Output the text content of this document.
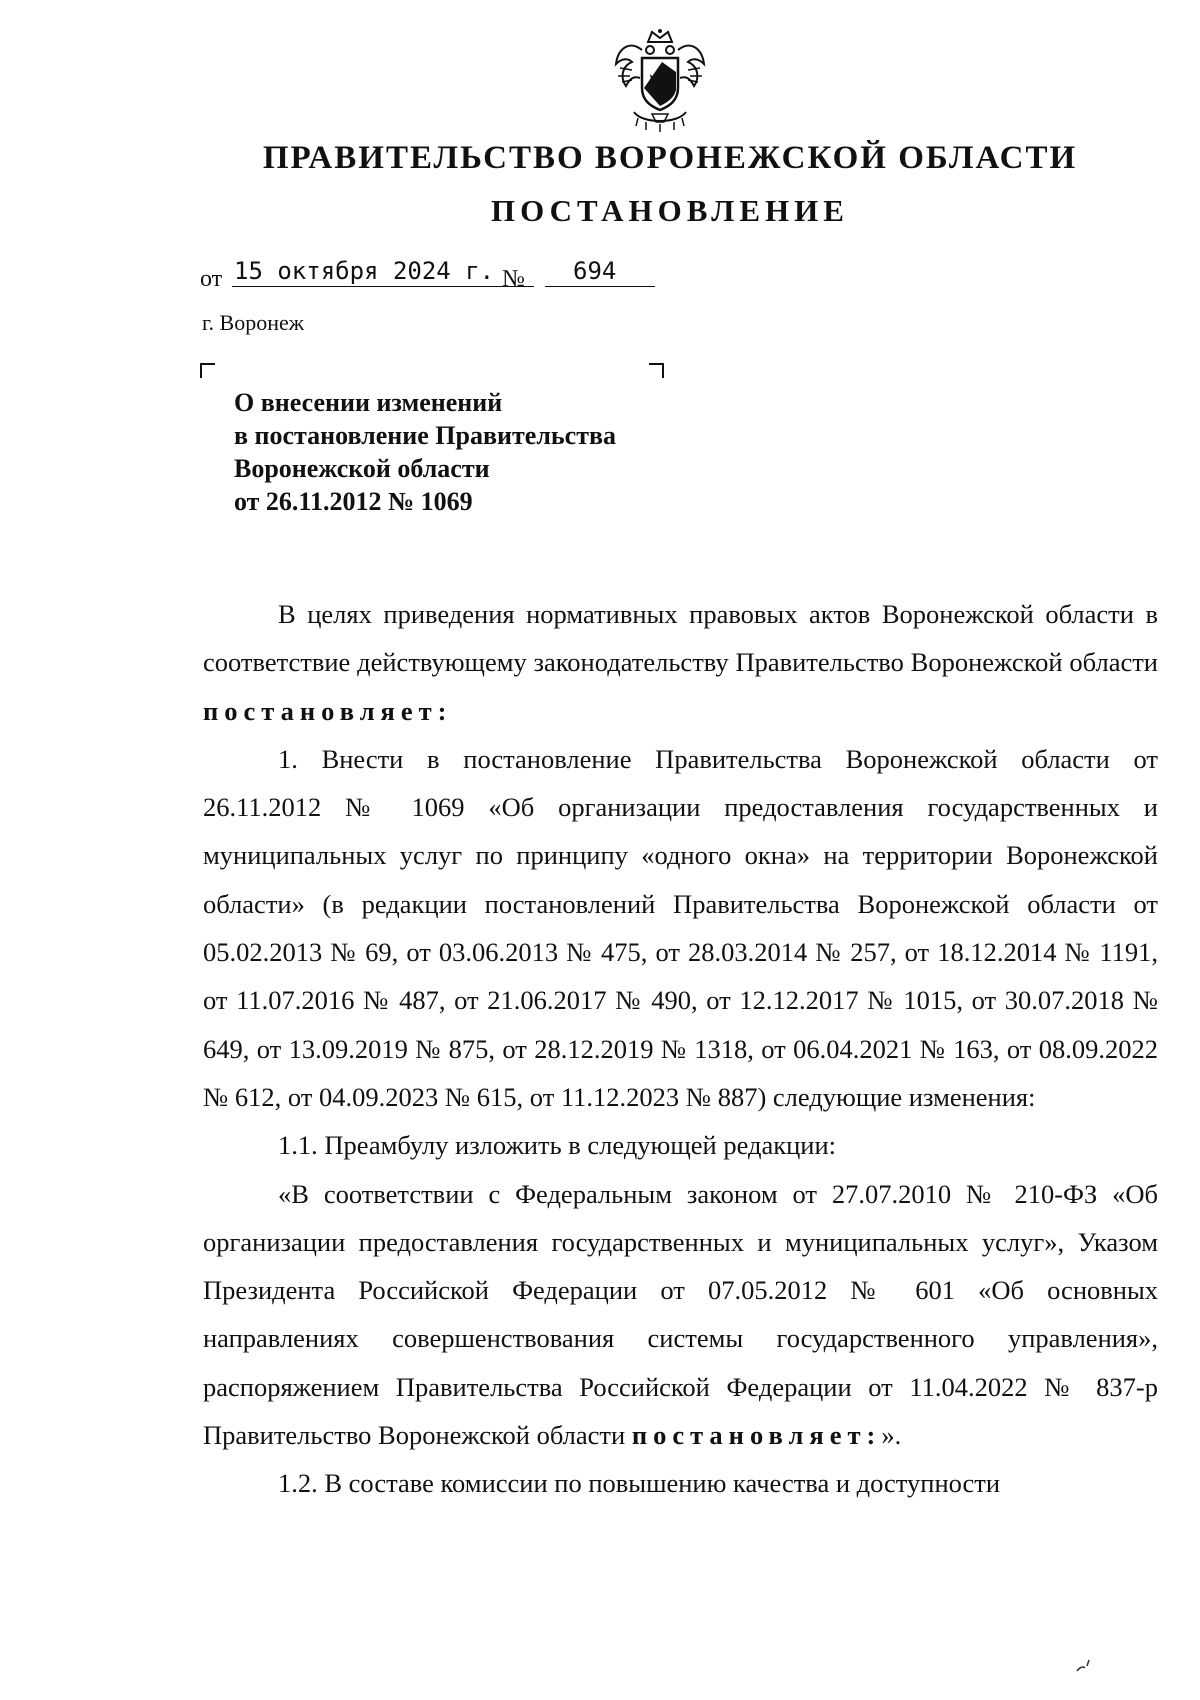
ПРАВИТЕЛЬСТВО ВОРОНЕЖСКОЙ ОБЛАСТИ
ПОСТАНОВЛЕНИЕ
от 15 октября 2024 г. №	694
г. Воронеж
О внесении изменений
в постановление Правительства
Воронежской области
от 26.11.2012 № 1069

В целях приведения нормативных правовых актов Воронежской области в соответствие действующему законодательству Правительство Воронежской области постановляет:

1. Внести в постановление Правительства Воронежской области от 26.11.2012 № 1069 «Об организации предоставления государственных и муниципальных услуг по принципу «одного окна» на территории Воронежской области» (в редакции постановлений Правительства Воронежской области от 05.02.2013 № 69, от 03.06.2013 № 475, от 28.03.2014 № 257, от 18.12.2014 № 1191, от 11.07.2016 № 487, от 21.06.2017 № 490, от 12.12.2017 № 1015, от 30.07.2018 № 649, от 13.09.2019 № 875, от 28.12.2019 № 1318, от 06.04.2021 № 163, от 08.09.2022 № 612, от 04.09.2023 № 615, от 11.12.2023 № 887) следующие изменения:

1.1. Преамбулу изложить в следующей редакции:

«В соответствии с Федеральным законом от 27.07.2010 № 210-ФЗ «Об организации предоставления государственных и муниципальных услуг», Указом Президента Российской Федерации от 07.05.2012 № 601 «Об основных направлениях совершенствования системы государственного управления», распоряжением Правительства Российской Федерации от 11.04.2022 № 837-р Правительство Воронежской области постановляет:».

1.2. В составе комиссии по повышению качества и доступности
